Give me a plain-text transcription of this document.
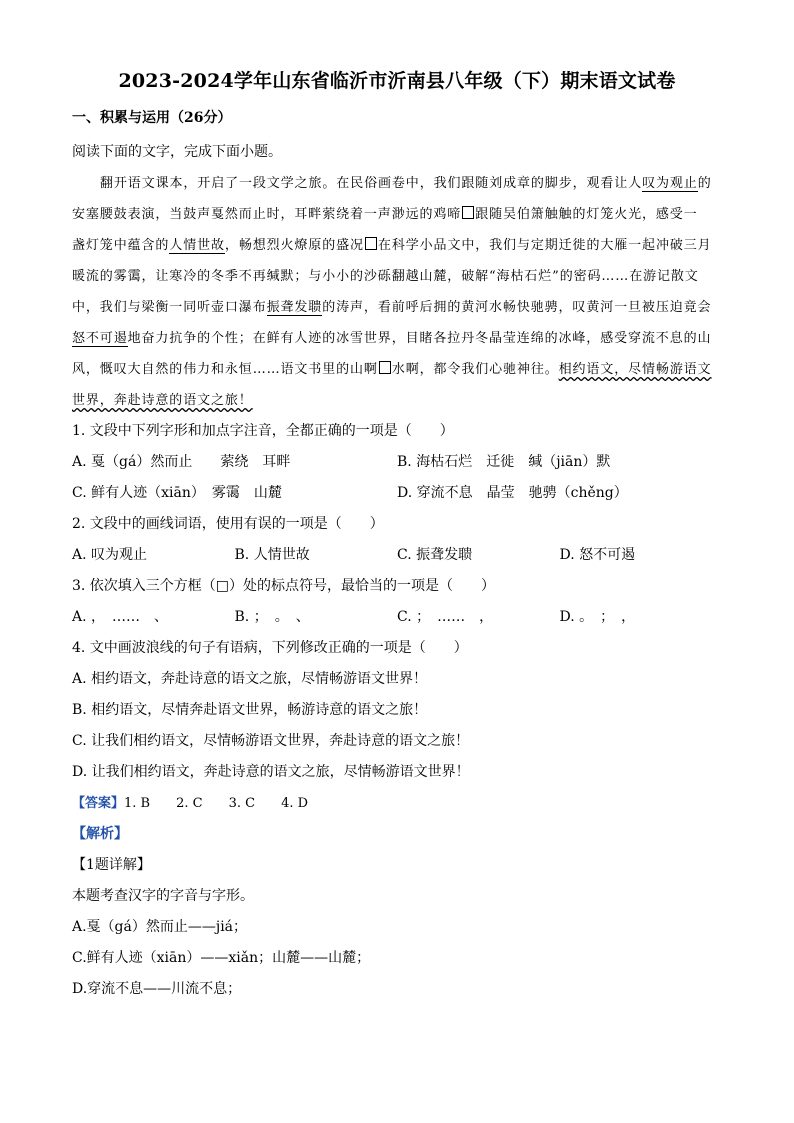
2023-2024学年山东省临沂市沂南县八年级（下）期末语文试卷
一、积累与运用（26分）
阅读下面的文字，完成下面小题。
翻开语文课本，开启了一段文学之旅。在民俗画卷中，我们跟随刘成章的脚步，观看让人叹为观止的
安塞腰鼓表演，当鼓声戛然而止时，耳畔萦绕着一声渺远的鸡啼 跟随吴伯箫触触的灯笼火光，感受一
盏灯笼中蕴含的人情世故，畅想烈火燎原的盛况 在科学小品文中，我们与定期迁徙的大雁一起冲破三月
暖流的雾霭，让寒冷的冬季不再缄默；与小小的沙砾翻越山麓，破解“海枯石烂”的密码……在游记散文
中，我们与梁衡一同听壶口瀑布振聋发聩的涛声，看前呼后拥的黄河水畅快驰骋，叹黄河一旦被压迫竟会
怒不可遏地奋力抗争的个性；在鲜有人迹的冰雪世界，目睹各拉丹冬晶莹连绵的冰峰，感受穿流不息的山
风，慨叹大自然的伟力和永恒……语文书里的山啊 水啊，都令我们心驰神往。相约语文，尽情畅游语文
世界，奔赴诗意的语文之旅！
1. 文段中下列字形和加点字注音，全都正确的一项是（　　）
A. 戛（gá）然而止　　萦绕　耳畔	B. 海枯石烂　迁徙　缄（jiān）默
C. 鲜有人迹（xiān）　雾霭　山麓	D. 穿流不息　晶莹　驰骋（chěng）
2. 文段中的画线词语，使用有误的一项是（　　）
A. 叹为观止	B. 人情世故	C. 振聋发聩	D. 怒不可遏
3. 依次填入三个方框（□）处的标点符号，最恰当的一项是（　　）
A. ，　……　、	B. ；　。　、	C. ；　……　，	D. 。　；　，
4. 文中画波浪线的句子有语病，下列修改正确的一项是（　　）
A. 相约语文，奔赴诗意的语文之旅，尽情畅游语文世界！
B. 相约语文，尽情奔赴语文世界，畅游诗意的语文之旅！
C. 让我们相约语文，尽情畅游语文世界，奔赴诗意的语文之旅！
D. 让我们相约语文，奔赴诗意的语文之旅，尽情畅游语文世界！
【答案】1. B 2. C 3. C 4. D
【解析】
【1题详解】
本题考查汉字的字音与字形。
A.戛（gá）然而止——jiá；
C.鲜有人迹（xiān）——xiǎn；山麓——山麓；
D.穿流不息——川流不息；
